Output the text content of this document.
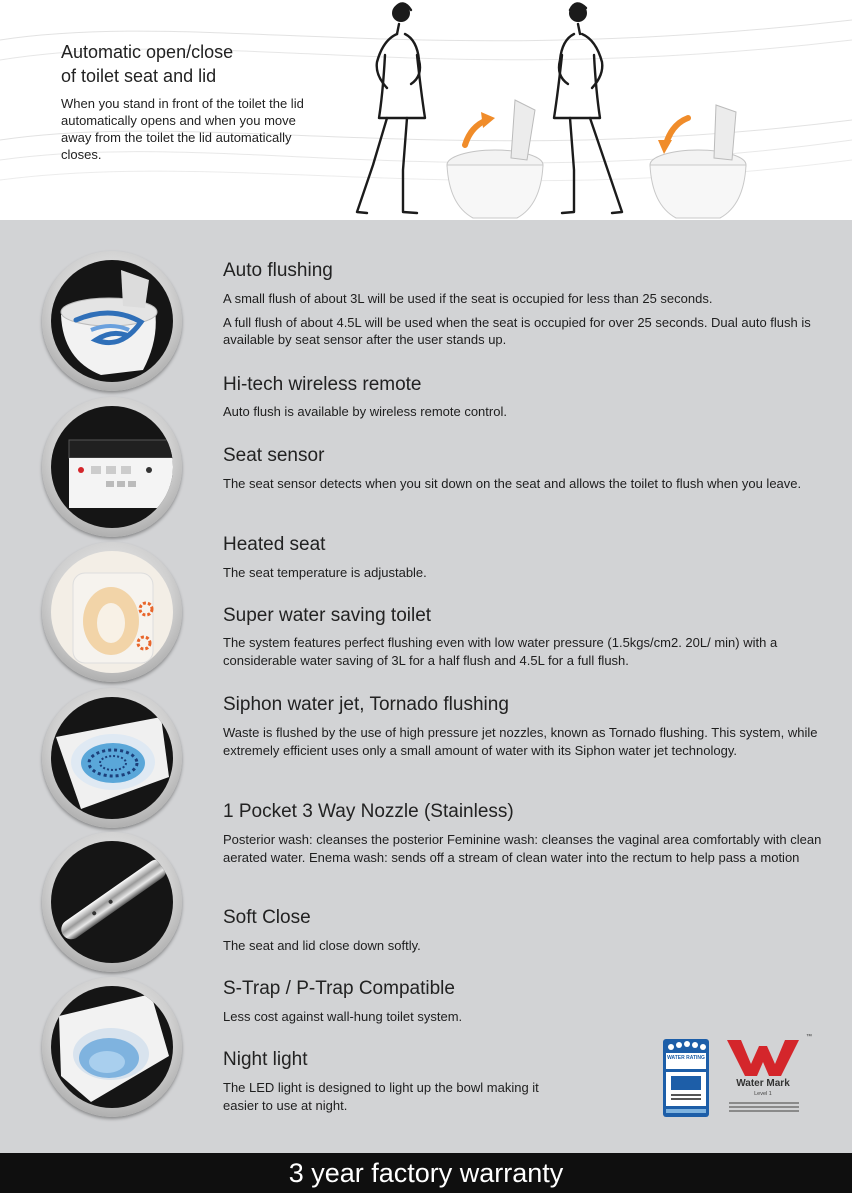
Automatic open/close
of toilet seat and lid

When you stand in front of the toilet the lid automatically opens and when you move away from the toilet the lid automatically closes.

Auto flushing

A small flush of about 3L will be used if the seat is occupied for less than 25 seconds.

A full flush of about 4.5L will be used when the seat is occupied for over 25 seconds. Dual auto flush is available by seat sensor after the user stands up.

Hi-tech wireless remote

Auto flush is available by wireless remote control.

Seat sensor

The seat sensor detects when you sit down on the seat and allows the toilet to flush when you leave.

Heated seat

The seat temperature is adjustable.

Super water saving toilet

The system features perfect flushing even with low water pressure (1.5kgs/cm2. 20L/ min) with a considerable water saving of 3L for a half flush and 4.5L for a full flush.

Siphon water jet, Tornado flushing

Waste is flushed by the use of high pressure jet nozzles, known as Tornado flushing. This system, while extremely efficient uses only a small amount of water with its Siphon water jet technology.

1 Pocket 3 Way Nozzle (Stainless)

Posterior wash: cleanses the posterior Feminine wash: cleanses the vaginal area comfortably with clean aerated water. Enema wash: sends off a stream of clean water into the rectum to help pass a motion

Soft Close

The seat and lid close down softly.

S-Trap / P-Trap Compatible

Less cost against wall-hung toilet system.

Night light

The LED light is designed to light up the bowl making it easier to use at night.

WATER RATING
™
Water Mark
Level 1
3 year factory warranty
